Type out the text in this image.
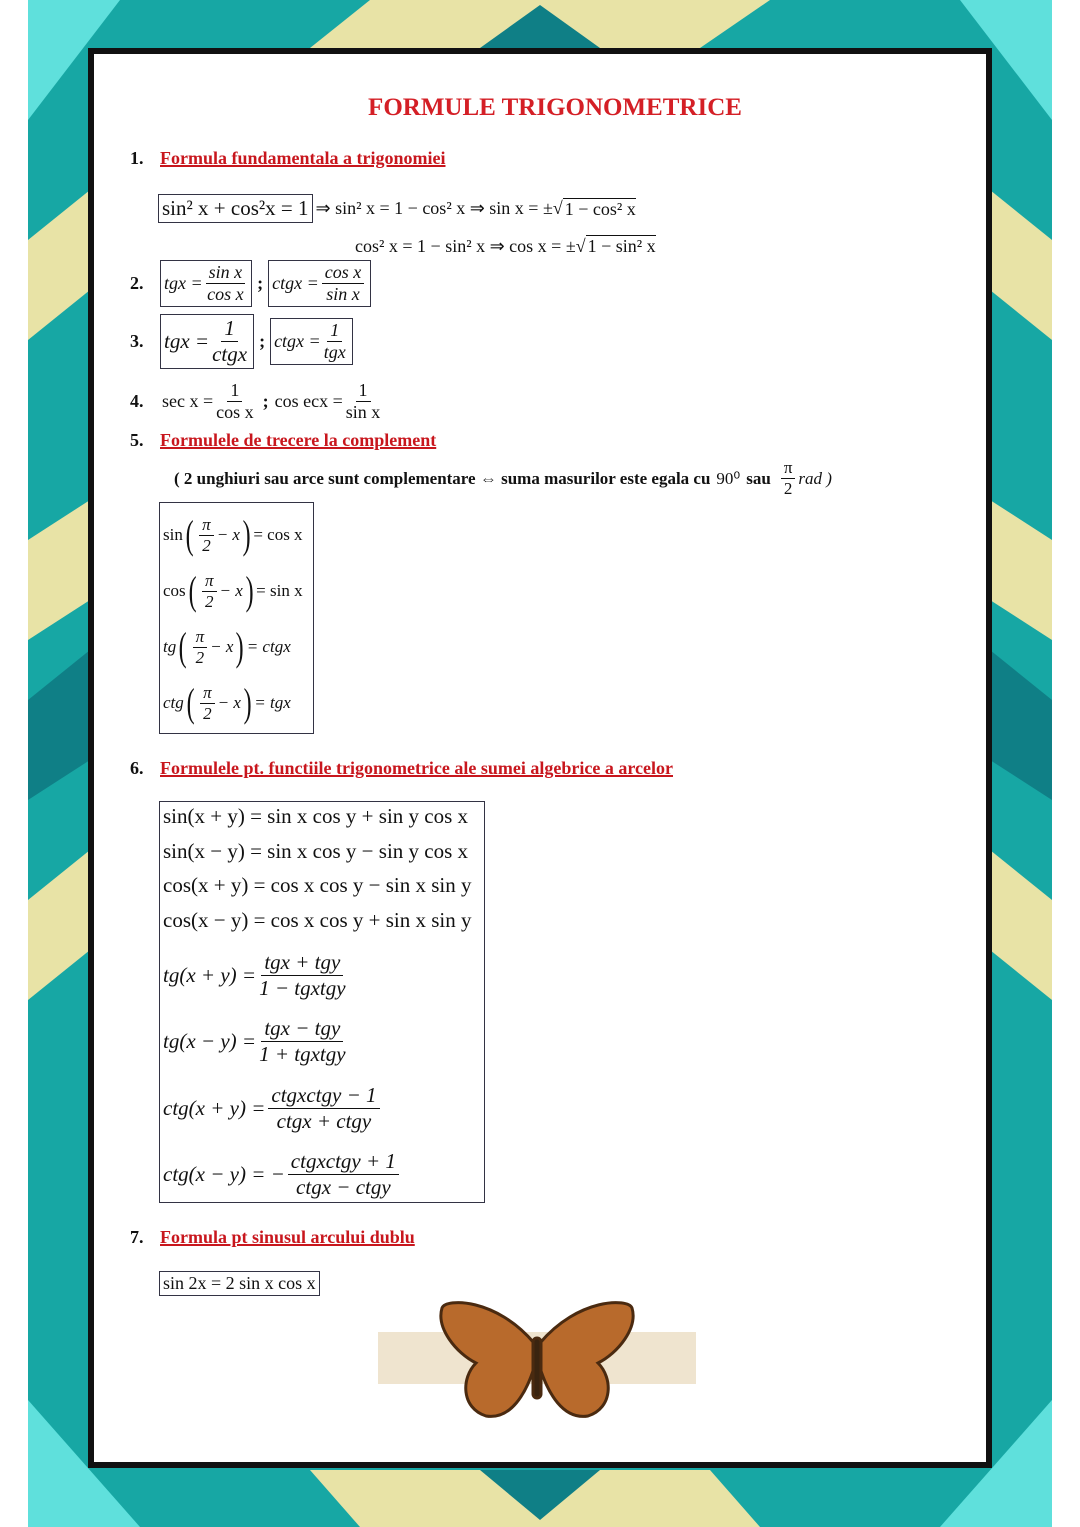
FORMULE TRIGONOMETRICE
1. Formula fundamentala a trigonomiei
sin² x + cos²x = 1 ⇒ sin² x = 1 − cos² x ⇒ sin x = ±√ 1 − cos² x
cos² x = 1 − sin² x ⇒ cos x = ±√ 1 − sin² x
2.	tgx = $\frac{\text{sin x}}{\text{cos x}}$ ; ctgx = $\frac{\text{cos x}}{\text{sin x}}$
3. tgx = $\frac{1}{\text{ctgx}}$ ; ctgx = $\frac{1}{\text{tgx}}$
4.	$\sec x = \frac{1}{\text{cos x}}$ ; cos ecx = $\frac{1}{\text{sin x}}$
5. Formulele de trecere la complement
( 2 unghiuri sau arce sunt complementare ⇔ suma masurilor este egala cu 90⁰ sau $\frac{\pi}{2}$ rad )
sin ( $\frac{\pi}{2} - x$ ) = cos x
cos ( $\frac{\pi}{2} - x$ ) = sin x
tg ( $\frac{\pi}{2} - x$ ) = ctgx
ctg ( $\frac{\pi}{2} - x$ ) = tgx
6. Formulele pt. functiile trigonometrice ale sumei algebrice a arcelor
sin(x + y) = sin x cos y + sin y cos x
sin(x − y) = sin x cos y − sin y cos x
cos(x + y) = cos x cos y − sin x sin y
cos(x − y) = cos x cos y + sin x sin y
$tg(x + y) = \frac{\text{tgx + tgy}}{\text{1 − tgxtgy}}$
$tg(x - y) = \frac{\text{tgx − tgy}}{\text{1 + tgxtgy}}$
$ctg(x + y) = \frac{\text{ctgxctgy − 1}}{\text{ctgx + ctgy}}$
ctg(x − y) = − $\frac{\text{ctgxctgy + 1}}{\text{ctgx − ctgy}}$
7. Formula pt sinusul arcului dublu
sin 2x = 2 sin x cos x
